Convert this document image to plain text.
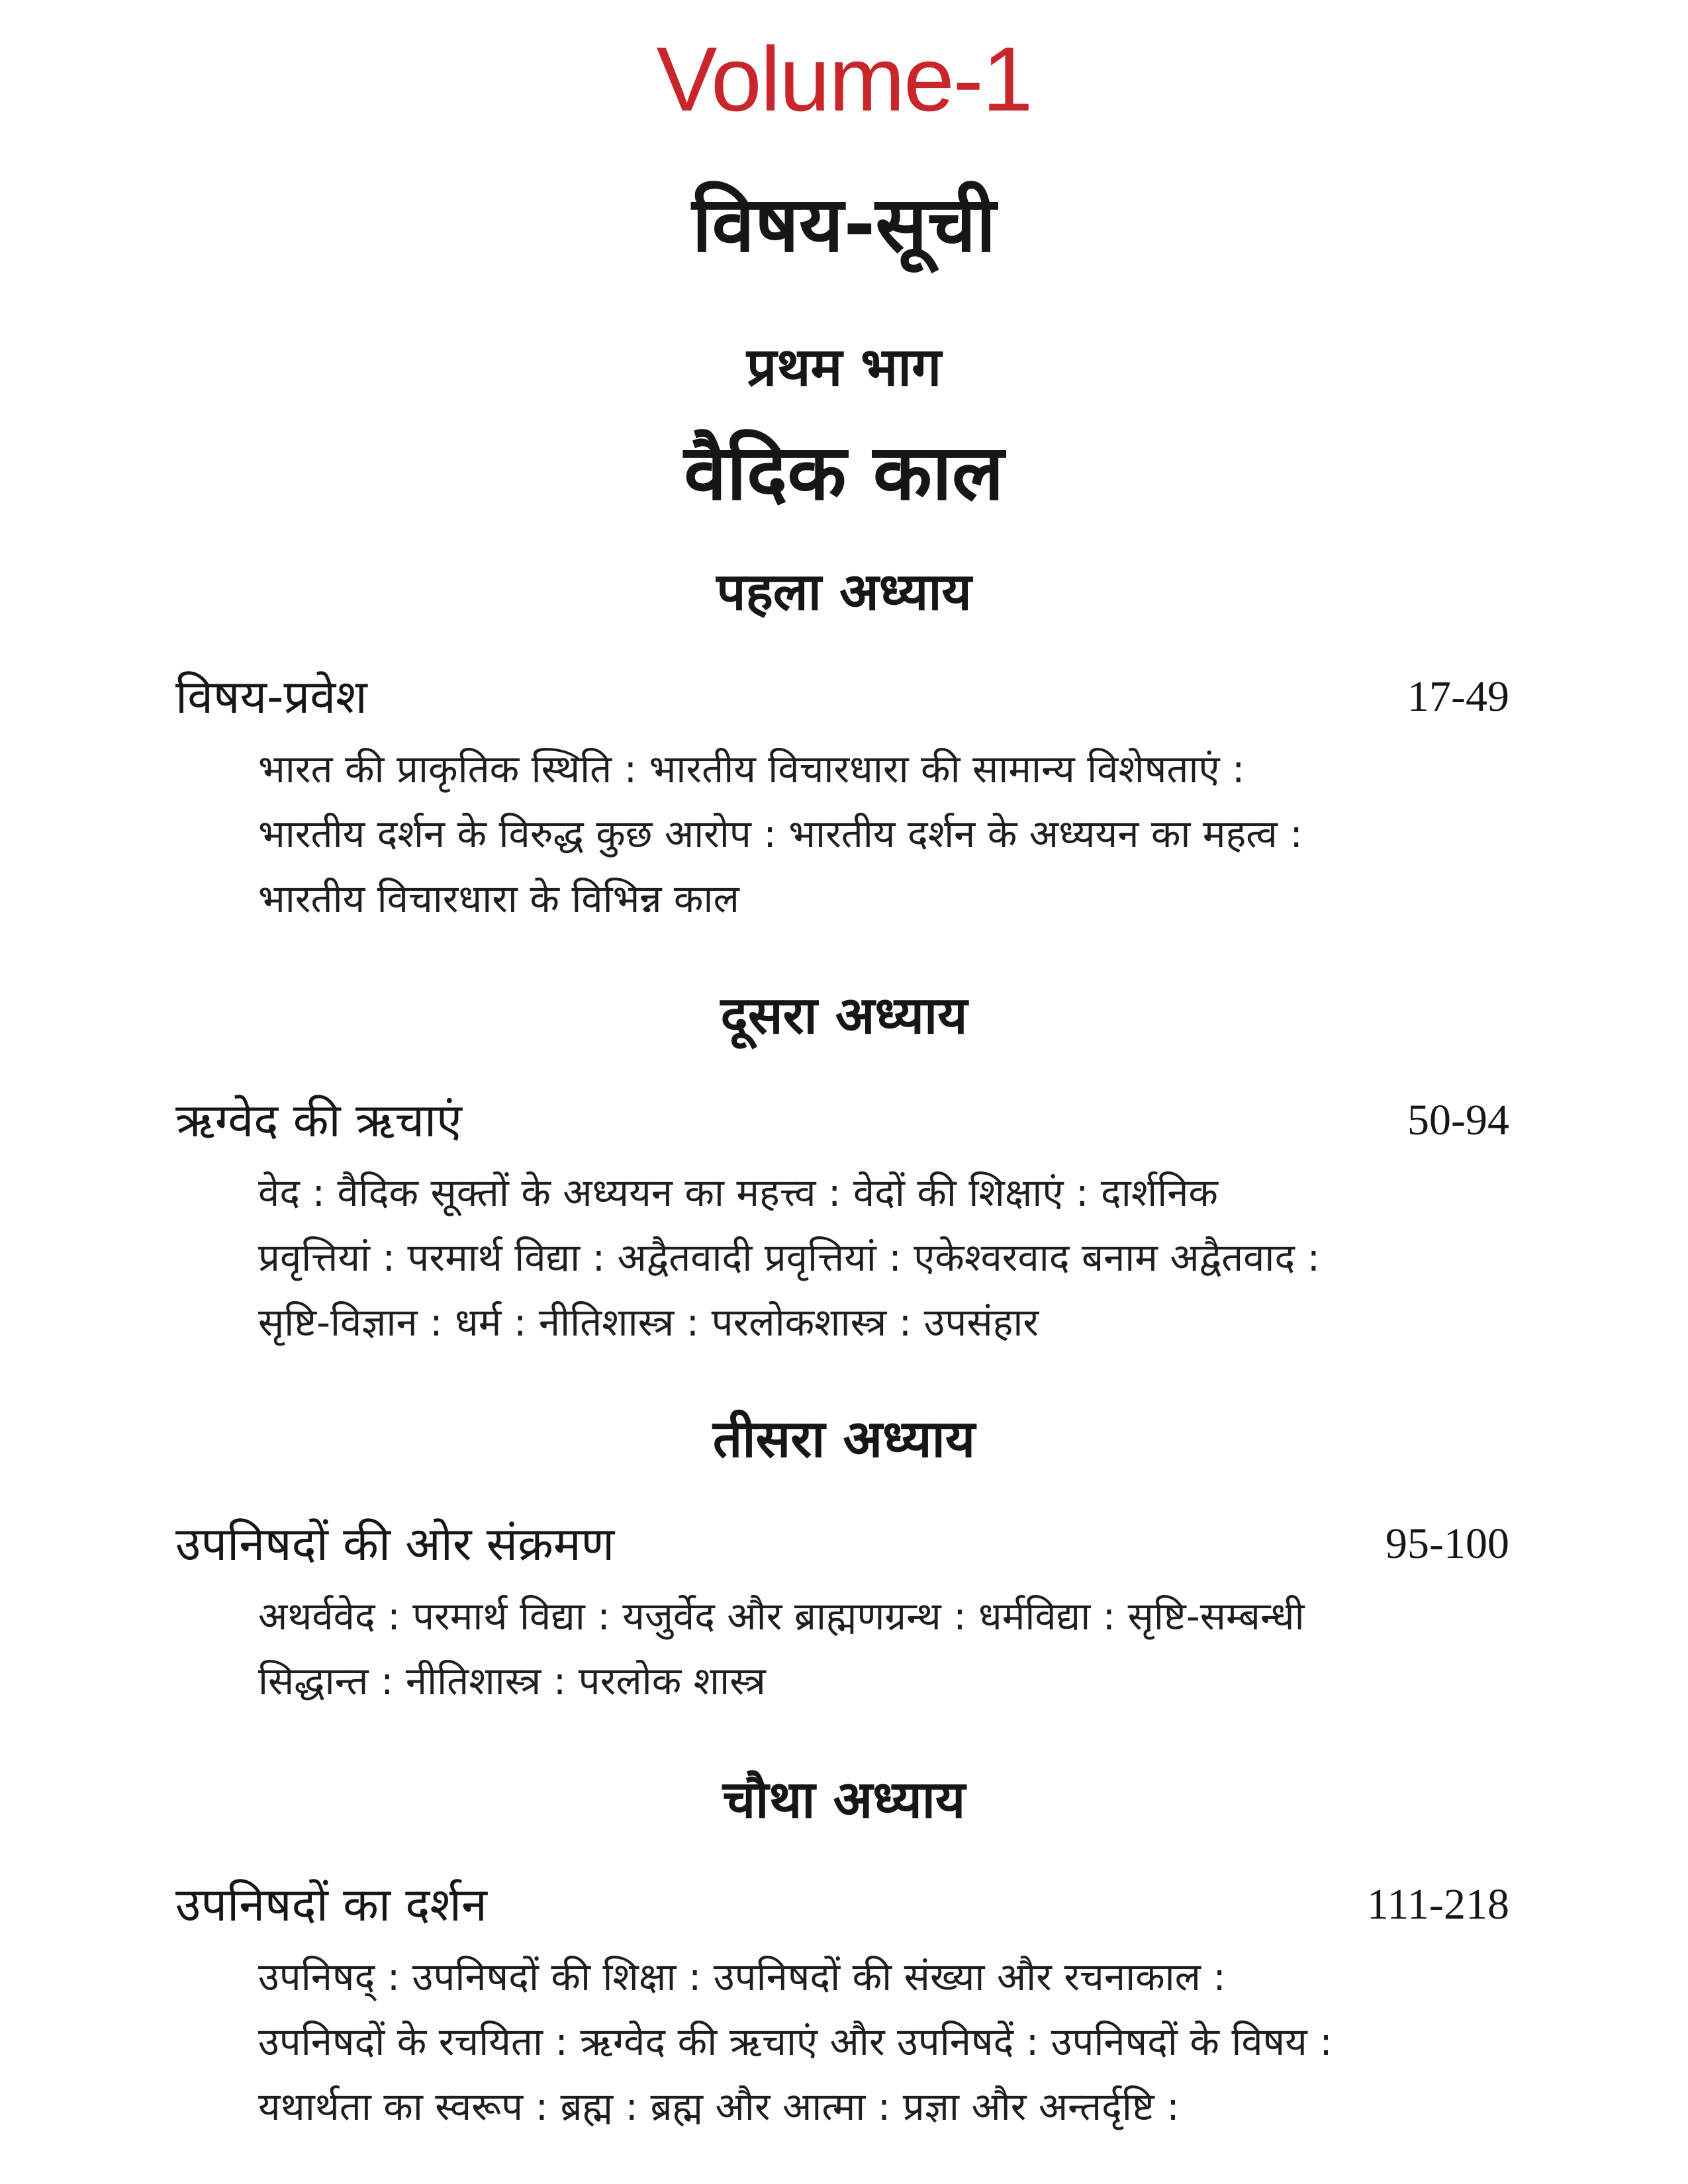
Volume-1
विषय-सूची
प्रथम भाग
वैदिक काल
पहला अध्याय
विषय-प्रवेश	17-49
भारत की प्राकृतिक स्थिति : भारतीय विचारधारा की सामान्य विशेषताएं :
भारतीय दर्शन के विरुद्ध कुछ आरोप : भारतीय दर्शन के अध्ययन का महत्व :
भारतीय विचारधारा के विभिन्न काल
दूसरा अध्याय
ऋग्वेद की ऋचाएं	50-94
वेद : वैदिक सूक्तों के अध्ययन का महत्त्व : वेदों की शिक्षाएं : दार्शनिक
प्रवृत्तियां : परमार्थ विद्या : अद्वैतवादी प्रवृत्तियां : एकेश्वरवाद बनाम अद्वैतवाद :
सृष्टि-विज्ञान : धर्म : नीतिशास्त्र : परलोकशास्त्र : उपसंहार
तीसरा अध्याय
उपनिषदों की ओर संक्रमण	95-100
अथर्ववेद : परमार्थ विद्या : यजुर्वेद और ब्राह्मणग्रन्थ : धर्मविद्या : सृष्टि-सम्बन्धी
सिद्धान्त : नीतिशास्त्र : परलोक शास्त्र
चौथा अध्याय
उपनिषदों का दर्शन	111-218
उपनिषद् : उपनिषदों की शिक्षा : उपनिषदों की संख्या और रचनाकाल :
उपनिषदों के रचयिता : ऋग्वेद की ऋचाएं और उपनिषदें : उपनिषदों के विषय :
यथार्थता का स्वरूप : ब्रह्म : ब्रह्म और आत्मा : प्रज्ञा और अन्तर्दृष्टि :
